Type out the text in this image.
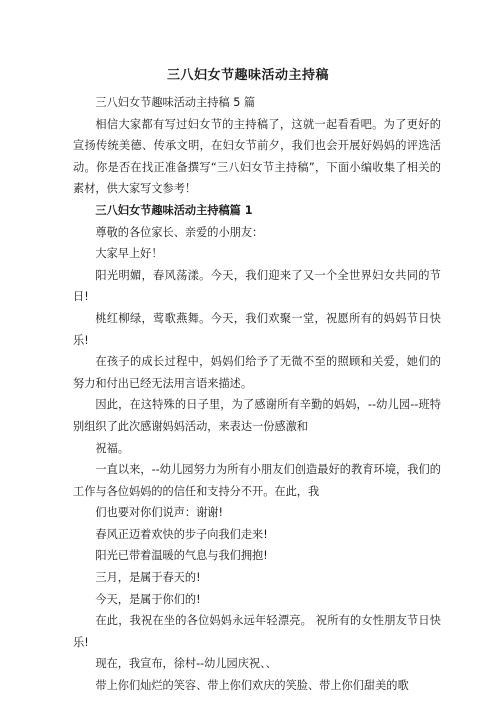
三八妇女节趣味活动主持稿

三八妇女节趣味活动主持稿 5 篇

相信大家都有写过妇女节的主持稿了，这就一起看看吧。为了更好的宣扬传统美德、传承文明，在妇女节前夕，我们也会开展好妈妈的评选活动。你是否在找正准备撰写“三八妇女节主持稿”，下面小编收集了相关的素材，供大家写文参考！

三八妇女节趣味活动主持稿篇 1

尊敬的各位家长、亲爱的小朋友：

大家早上好！

阳光明媚，春风荡漾。今天，我们迎来了又一个全世界妇女共同的节日!

桃红柳绿，莺歌燕舞。今天，我们欢聚一堂，祝愿所有的妈妈节日快乐!

在孩子的成长过程中，妈妈们给予了无微不至的照顾和关爱，她们的努力和付出已经无法用言语来描述。

因此，在这特殊的日子里，为了感谢所有辛勤的妈妈，--幼儿园--班特别组织了此次感谢妈妈活动，来表达一份感激和

祝福。

一直以来，--幼儿园努力为所有小朋友们创造最好的教育环境，我们的工作与各位妈妈的的信任和支持分不开。在此，我

们也要对你们说声：谢谢!

春风正迈着欢快的步子向我们走来!

阳光已带着温暖的气息与我们拥抱!

三月，是属于春天的!

今天，是属于你们的!

在此，我祝在坐的各位妈妈永远年轻漂亮。 祝所有的女性朋友节日快乐!

现在，我宣布，徐村--幼儿园庆祝、、

带上你们灿烂的笑容、带上你们欢庆的笑脸、带上你们甜美的歌
